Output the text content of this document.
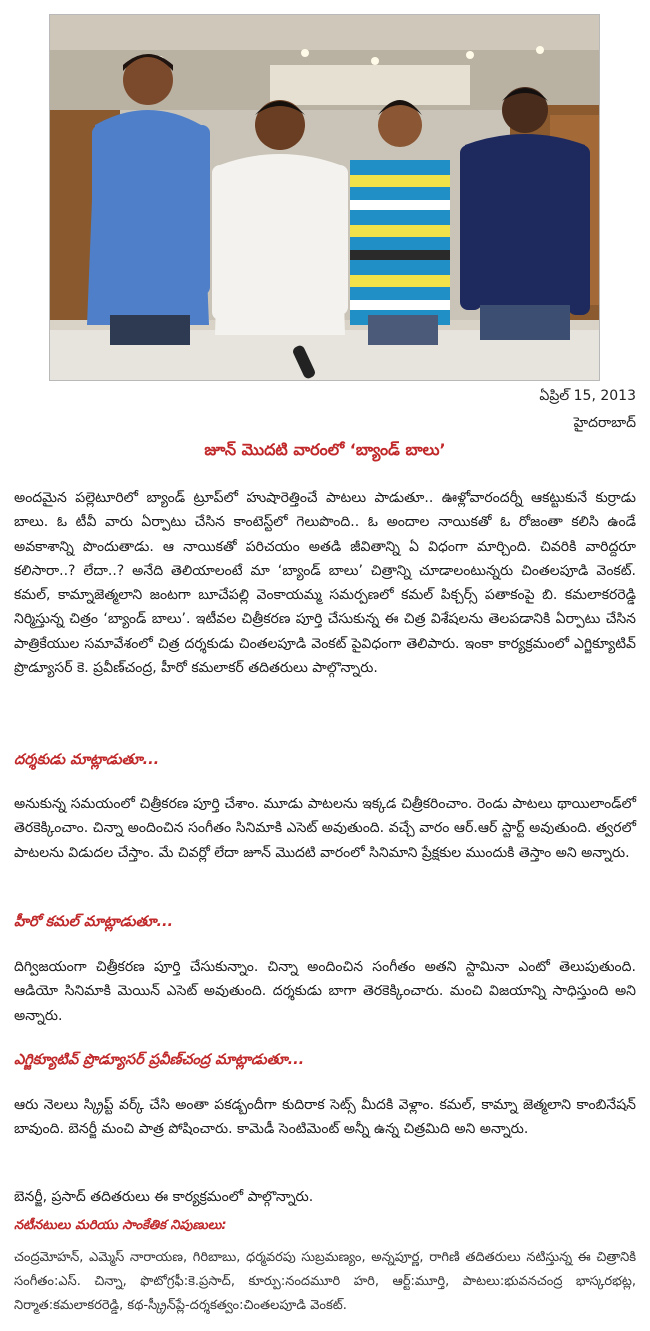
ఏప్రిల్ 15, 2013
హైదరాబాద్
జూన్ మొదటి వారంలో ‘బ్యాండ్ బాలు’
అందమైన పల్లెటూరిలో బ్యాండ్ ట్రూప్‌లో హుషారెత్తించే పాటలు పాడుతూ.. ఊళ్లోవారందర్నీ ఆకట్టుకునే కుర్రాడు బాలు. ఓ టీవీ వారు ఏర్పాటు చేసిన కాంటెస్ట్‌లో గెలుపొంది.. ఓ అందాల నాయికతో ఓ రోజంతా కలిసి ఉండే అవకాశాన్ని పొందుతాడు. ఆ నాయికతో పరిచయం అతడి జీవితాన్ని ఏ విధంగా మార్చింది. చివరికి వారిద్దరూ కలిసారా..? లేదా..? అనేది తెలియాలంటే మా ‘బ్యాండ్ బాలు’ చిత్రాన్ని చూడాలంటున్నరు చింతలపూడి వెంకట్. కమల్, కామ్నాజెత్మలాని జంటగా బూచేపల్లి వెంకాయమ్మ సమర్పణలో కమల్ పిక్చర్స్ పతాకంపై బి. కమలాకరరెడ్డి నిర్మిస్తున్న చిత్రం ‘బ్యాండ్ బాలు’. ఇటీవల చిత్రీకరణ పూర్తి చేసుకున్న ఈ చిత్ర విశేషలను తెలపడానికి ఏర్పాటు చేసిన పాత్రికేయుల సమావేశంలో చిత్ర దర్శకుడు చింతలపూడి వెంకట్ పైవిధంగా తెలిపారు. ఇంకా కార్యక్రమంలో ఎగ్జిక్యూటివ్ ప్రొడ్యూసర్ కె. ప్రవీణ్‌చంద్ర, హీరో కమలాకర్ తదితరులు పాల్గొన్నారు.
దర్శకుడు మాట్లాడుతూ...
అనుకున్న సమయంలో చిత్రీకరణ పూర్తి చేశాం. మూడు పాటలను ఇక్కడ చిత్రీకరించాం. రెండు పాటలు థాయిలాండ్‌లో తెరకెక్కించాం. చిన్నా అందించిన సంగీతం సినిమాకి ఎసెట్ అవుతుంది. వచ్చే వారం ఆర్.ఆర్ స్టార్ట్ అవుతుంది. త్వరలో పాటలను విడుదల చేస్తాం. మే చివర్లో లేదా జూన్ మొదటి వారంలో సినిమాని ప్రేక్షకుల ముందుకి తెస్తాం అని అన్నారు.
హీరో కమల్ మాట్లాడుతూ...
దిగ్విజయంగా చిత్రీకరణ పూర్తి చేసుకున్నాం. చిన్నా అందించిన సంగీతం అతని స్టామినా ఎంటో తెలుపుతుంది. ఆడియో సినిమాకి మెయిన్ ఎసెట్ అవుతుంది. దర్శకుడు బాగా తెరకెక్కించారు. మంచి విజయాన్ని సాధిస్తుంది అని అన్నారు.
ఎగ్జిక్యూటివ్ ప్రొడ్యూసర్ ప్రవీణ్‌చంద్ర మాట్లాడుతూ...
ఆరు నెలలు స్క్రిప్ట్ వర్క్ చేసి అంతా పకడ్బందీగా కుదిరాక సెట్స్ మీదకి వెళ్లాం. కమల్, కామ్నా జెత్మలాని కాంబినేషన్ బావుంది. బెనర్జీ మంచి పాత్ర పోషించారు. కామెడీ సెంటిమెంట్ అన్నీ ఉన్న చిత్రమిది అని అన్నారు.
బెనర్జీ, ప్రసాద్ తదితరులు ఈ కార్యక్రమంలో పాల్గొన్నారు.
నటీనటులు మరియు సాంకేతిక నిపుణులు:
చంద్రమోహన్, ఎమ్మెస్ నారాయణ, గిరిబాబు, ధర్మవరపు సుబ్రమణ్యం, అన్నపూర్ణ, రాగిణి తదితరులు నటిస్తున్న ఈ చిత్రానికి సంగీతం:ఎస్. చిన్నా, ఫొటోగ్రఫీ:కె.ప్రసాద్, కూర్పు:నందమూరి హరి, ఆర్ట్:మూర్తి, పాటలు:భువనచంద్ర భాస్కరభట్ల, నిర్మాత:కమలాకరరెడ్డి, కథ-స్క్రీన్‌ప్లే-దర్శకత్వం:చింతలపూడి వెంకట్.
